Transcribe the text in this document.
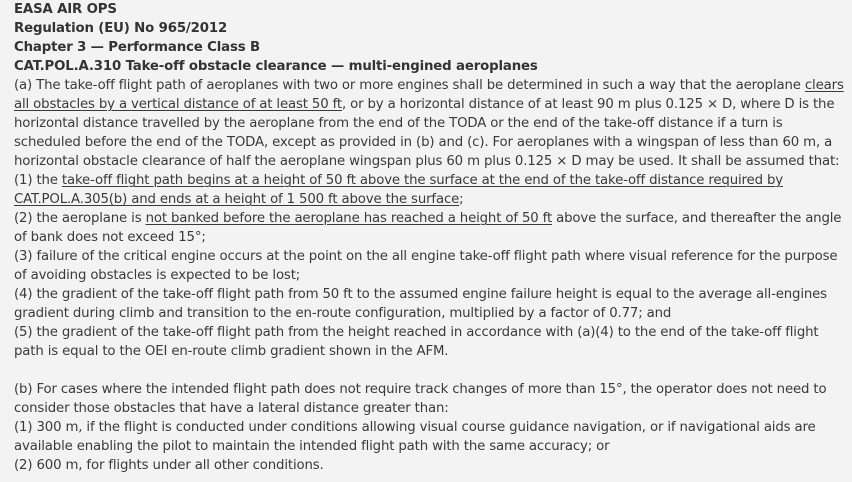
EASA AIR OPS
Regulation (EU) No 965/2012
Chapter 3 — Performance Class B
CAT.POL.A.310 Take-off obstacle clearance — multi-engined aeroplanes

(a) The take-off flight path of aeroplanes with two or more engines shall be determined in such a way that the aeroplane clears all obstacles by a vertical distance of at least 50 ft, or by a horizontal distance of at least 90 m plus 0.125 × D, where D is the horizontal distance travelled by the aeroplane from the end of the TODA or the end of the take-off distance if a turn is scheduled before the end of the TODA, except as provided in (b) and (c). For aeroplanes with a wingspan of less than 60 m, a horizontal obstacle clearance of half the aeroplane wingspan plus 60 m plus 0.125 × D may be used. It shall be assumed that:

(1) the take-off flight path begins at a height of 50 ft above the surface at the end of the take-off distance required by CAT.POL.A.305(b) and ends at a height of 1 500 ft above the surface;

(2) the aeroplane is not banked before the aeroplane has reached a height of 50 ft above the surface, and thereafter the angle of bank does not exceed 15°;

(3) failure of the critical engine occurs at the point on the all engine take-off flight path where visual reference for the purpose of avoiding obstacles is expected to be lost;

(4) the gradient of the take-off flight path from 50 ft to the assumed engine failure height is equal to the average all-engines gradient during climb and transition to the en-route configuration, multiplied by a factor of 0.77; and

(5) the gradient of the take-off flight path from the height reached in accordance with (a)(4) to the end of the take-off flight path is equal to the OEI en-route climb gradient shown in the AFM.

(b) For cases where the intended flight path does not require track changes of more than 15°, the operator does not need to consider those obstacles that have a lateral distance greater than:

(1) 300 m, if the flight is conducted under conditions allowing visual course guidance navigation, or if navigational aids are available enabling the pilot to maintain the intended flight path with the same accuracy; or

(2) 600 m, for flights under all other conditions.
